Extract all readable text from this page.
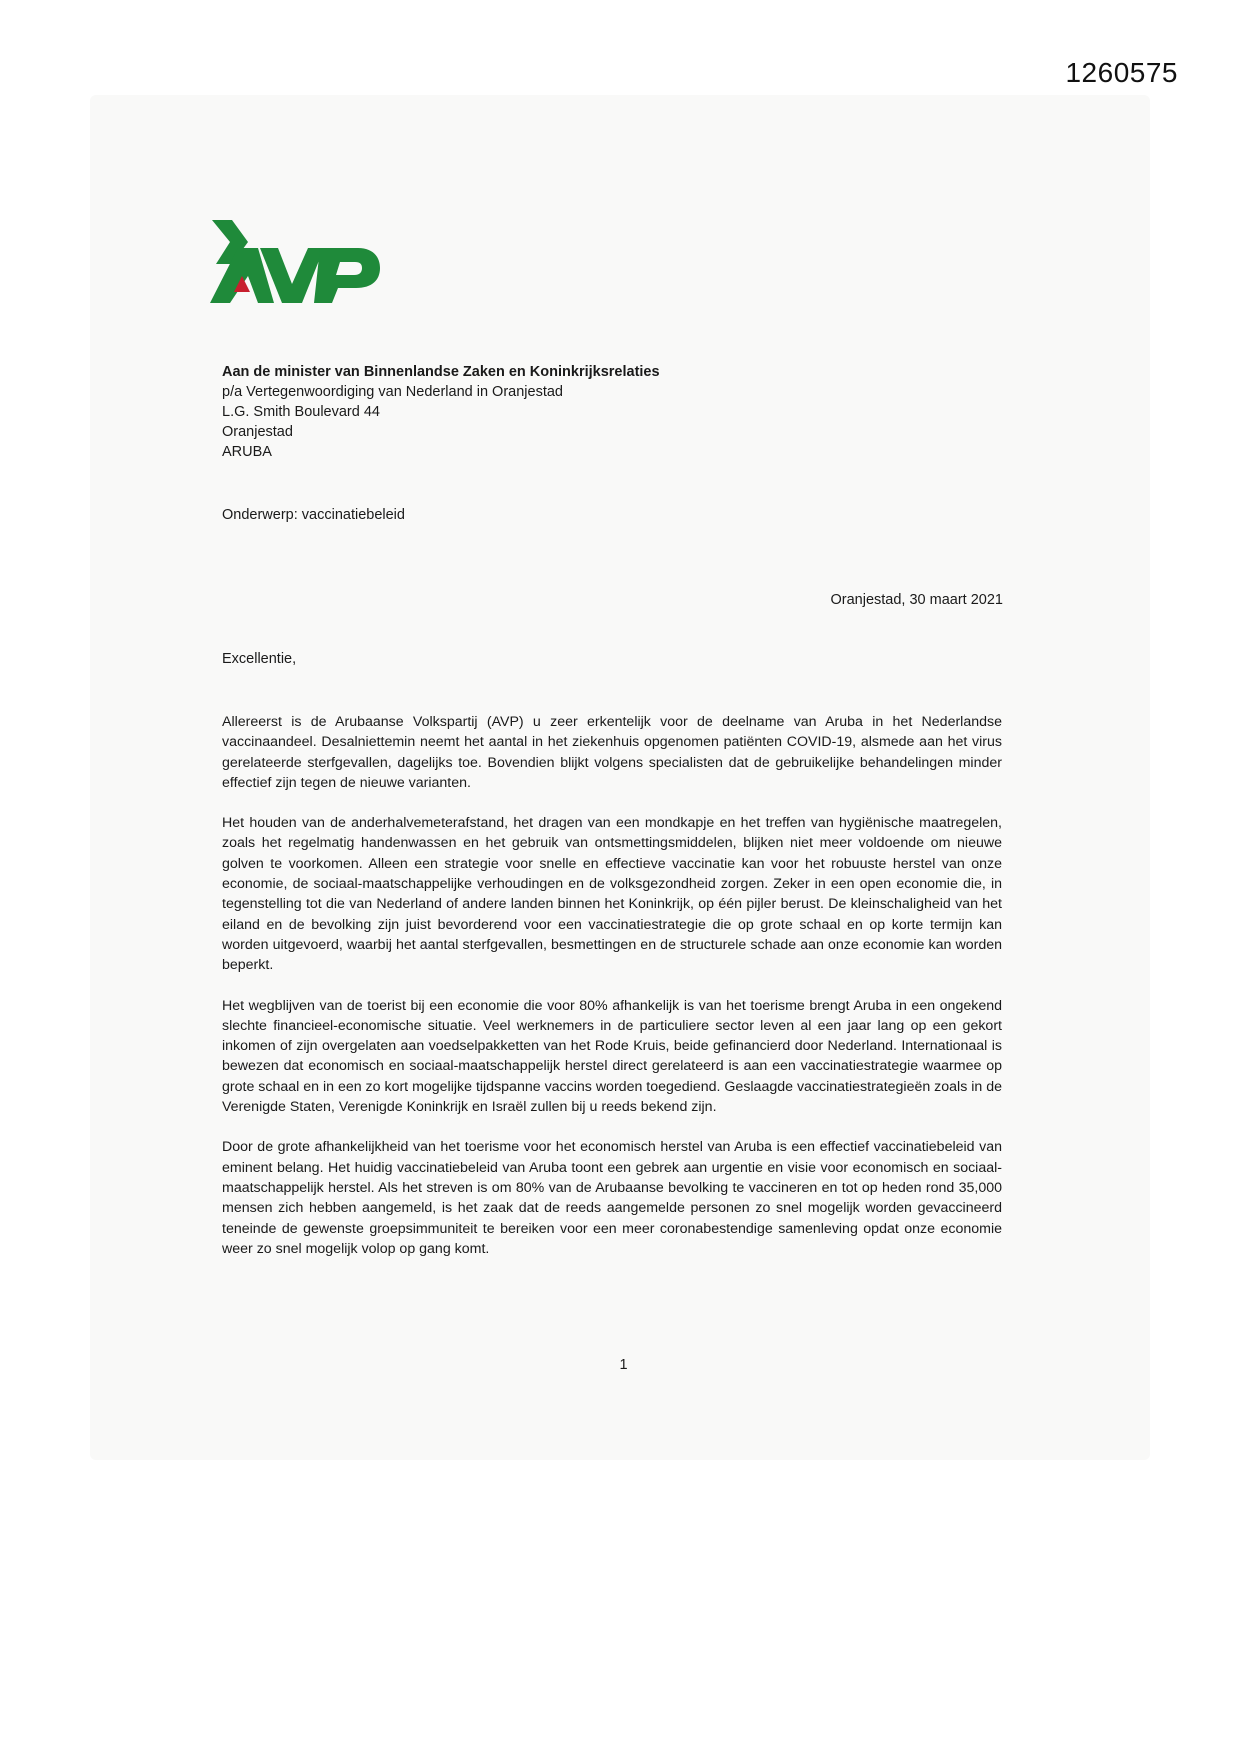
1260575
Aan de minister van Binnenlandse Zaken en Koninkrijksrelaties
p/a Vertegenwoordiging van Nederland in Oranjestad
L.G. Smith Boulevard 44
Oranjestad
ARUBA
Onderwerp: vaccinatiebeleid
Oranjestad, 30 maart 2021
Excellentie,

Allereerst is de Arubaanse Volkspartij (AVP) u zeer erkentelijk voor de deelname van Aruba in het Nederlandse vaccinaandeel. Desalniettemin neemt het aantal in het ziekenhuis opgenomen patiënten COVID-19, alsmede aan het virus gerelateerde sterfgevallen, dagelijks toe. Bovendien blijkt volgens specialisten dat de gebruikelijke behandelingen minder effectief zijn tegen de nieuwe varianten.

Het houden van de anderhalvemeterafstand, het dragen van een mondkapje en het treffen van hygiënische maatregelen, zoals het regelmatig handenwassen en het gebruik van ontsmettingsmiddelen, blijken niet meer voldoende om nieuwe golven te voorkomen. Alleen een strategie voor snelle en effectieve vaccinatie kan voor het robuuste herstel van onze economie, de sociaal-maatschappelijke verhoudingen en de volksgezondheid zorgen. Zeker in een open economie die, in tegenstelling tot die van Nederland of andere landen binnen het Koninkrijk, op één pijler berust. De kleinschaligheid van het eiland en de bevolking zijn juist bevorderend voor een vaccinatiestrategie die op grote schaal en op korte termijn kan worden uitgevoerd, waarbij het aantal sterfgevallen, besmettingen en de structurele schade aan onze economie kan worden beperkt.

Het wegblijven van de toerist bij een economie die voor 80% afhankelijk is van het toerisme brengt Aruba in een ongekend slechte financieel-economische situatie. Veel werknemers in de particuliere sector leven al een jaar lang op een gekort inkomen of zijn overgelaten aan voedselpakketten van het Rode Kruis, beide gefinancierd door Nederland. Internationaal is bewezen dat economisch en sociaal-maatschappelijk herstel direct gerelateerd is aan een vaccinatiestrategie waarmee op grote schaal en in een zo kort mogelijke tijdspanne vaccins worden toegediend. Geslaagde vaccinatiestrategieën zoals in de Verenigde Staten, Verenigde Koninkrijk en Israël zullen bij u reeds bekend zijn.

Door de grote afhankelijkheid van het toerisme voor het economisch herstel van Aruba is een effectief vaccinatiebeleid van eminent belang. Het huidig vaccinatiebeleid van Aruba toont een gebrek aan urgentie en visie voor economisch en sociaal-maatschappelijk herstel. Als het streven is om 80% van de Arubaanse bevolking te vaccineren en tot op heden rond 35,000 mensen zich hebben aangemeld, is het zaak dat de reeds aangemelde personen zo snel mogelijk worden gevaccineerd teneinde de gewenste groepsimmuniteit te bereiken voor een meer coronabestendige samenleving opdat onze economie weer zo snel mogelijk volop op gang komt.

1
